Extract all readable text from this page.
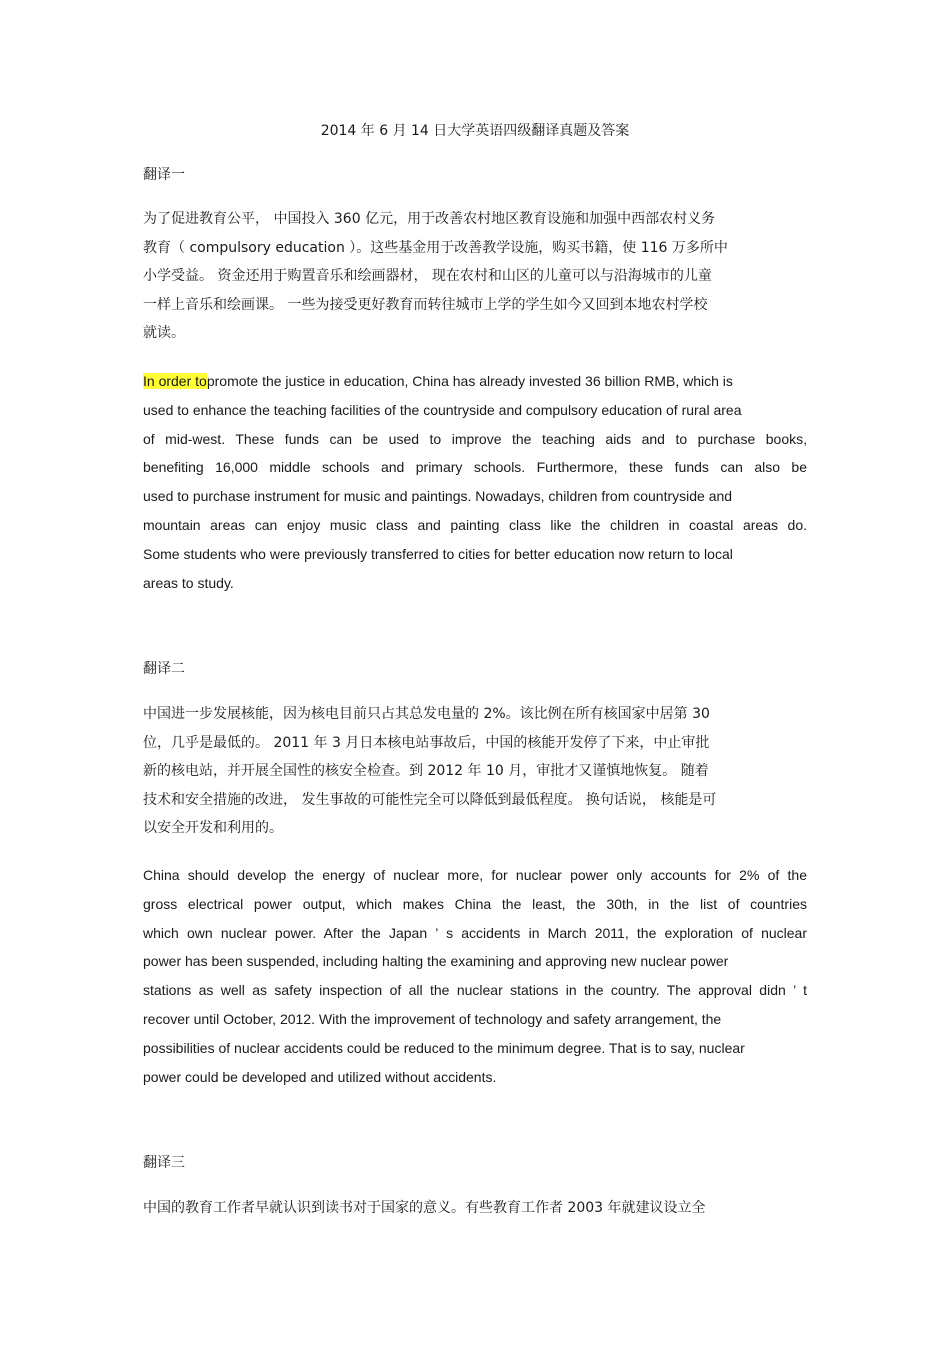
2014 年 6 月 14 日大学英语四级翻译真题及答案
翻译一
为了促进教育公平， 中国投入 360 亿元，用于改善农村地区教育设施和加强中西部农村义务
教育（ compulsory education ）。这些基金用于改善教学设施，购买书籍，使 116 万多所中
小学受益。 资金还用于购置音乐和绘画器材， 现在农村和山区的儿童可以与沿海城市的儿童
一样上音乐和绘画课。 一些为接受更好教育而转往城市上学的学生如今又回到本地农村学校
就读。
In order topromote the justice in education, China has already invested 36 billion RMB, which is
used to enhance the teaching facilities of the countryside and compulsory education of rural area
of mid-west. These funds can be used to improve the teaching aids and to purchase books,
benefiting 16,000 middle schools and primary schools. Furthermore, these funds can also be
used to purchase instrument for music and paintings. Nowadays, children from countryside and
mountain areas can enjoy music class and painting class like the children in coastal areas do.
Some students who were previously transferred to cities for better education now return to local
areas to study.
翻译二
中国进一步发展核能，因为核电目前只占其总发电量的 2%。该比例在所有核国家中居第 30
位，几乎是最低的。 2011 年 3 月日本核电站事故后，中国的核能开发停了下来，中止审批
新的核电站，并开展全国性的核安全检查。到 2012 年 10 月，审批才又谨慎地恢复。 随着
技术和安全措施的改进， 发生事故的可能性完全可以降低到最低程度。 换句话说， 核能是可
以安全开发和利用的。
China should develop the energy of nuclear more, for nuclear power only accounts for 2% of the
gross electrical power output, which makes China the least, the 30th, in the list of countries
which own nuclear power. After the Japan ’ s accidents in March 2011, the exploration of nuclear
power has been suspended, including halting the examining and approving new nuclear power
stations as well as safety inspection of all the nuclear stations in the country. The approval didn ’ t
recover until October, 2012. With the improvement of technology and safety arrangement, the
possibilities of nuclear accidents could be reduced to the minimum degree. That is to say, nuclear
power could be developed and utilized without accidents.
翻译三
中国的教育工作者早就认识到读书对于国家的意义。有些教育工作者 2003 年就建议设立全
